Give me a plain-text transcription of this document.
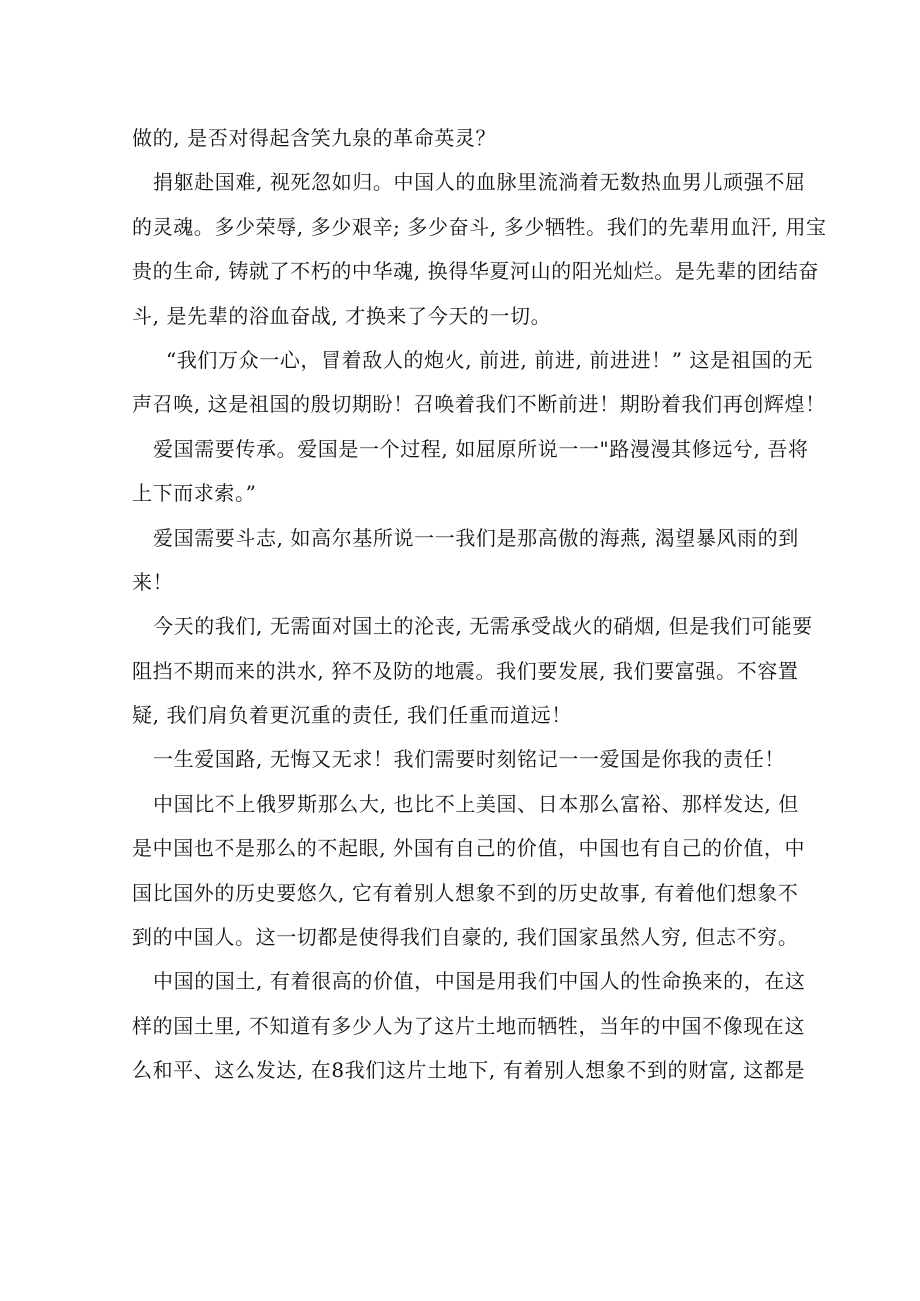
做的, 是否对得起含笑九泉的革命英灵？
捐躯赴国难, 视死忽如归。中国人的血脉里流淌着无数热血男儿顽强不屈
的灵魂。多少荣辱, 多少艰辛; 多少奋斗, 多少牺牲。我们的先辈用血汗, 用宝
贵的生命, 铸就了不朽的中华魂, 换得华夏河山的阳光灿烂。是先辈的团结奋
斗, 是先辈的浴血奋战, 才换来了今天的一切。
“我们万众一心，冒着敌人的炮火, 前进, 前进, 前进进！” 这是祖国的无
声召唤, 这是祖国的殷切期盼！召唤着我们不断前进！期盼着我们再创辉煌！
爱国需要传承。爱国是一个过程, 如屈原所说一一"路漫漫其修远兮, 吾将
上下而求索。”
爱国需要斗志, 如高尔基所说一一我们是那高傲的海燕, 渴望暴风雨的到
来！
今天的我们, 无需面对国土的沦丧, 无需承受战火的硝烟, 但是我们可能要
阻挡不期而来的洪水, 猝不及防的地震。我们要发展, 我们要富强。不容置
疑, 我们肩负着更沉重的责任, 我们任重而道远！
一生爱国路, 无悔又无求！我们需要时刻铭记一一爱国是你我的责任！
中国比不上俄罗斯那么大, 也比不上美国、日本那么富裕、那样发达, 但
是中国也不是那么的不起眼, 外国有自己的价值，中国也有自己的价值，中
国比国外的历史要悠久, 它有着别人想象不到的历史故事, 有着他们想象不
到的中国人。这一切都是使得我们自豪的, 我们国家虽然人穷, 但志不穷。
中国的国土, 有着很高的价值，中国是用我们中国人的性命换来的，在这
样的国土里, 不知道有多少人为了这片土地而牺牲，当年的中国不像现在这
么和平、这么发达, 在8我们这片土地下, 有着别人想象不到的财富, 这都是
